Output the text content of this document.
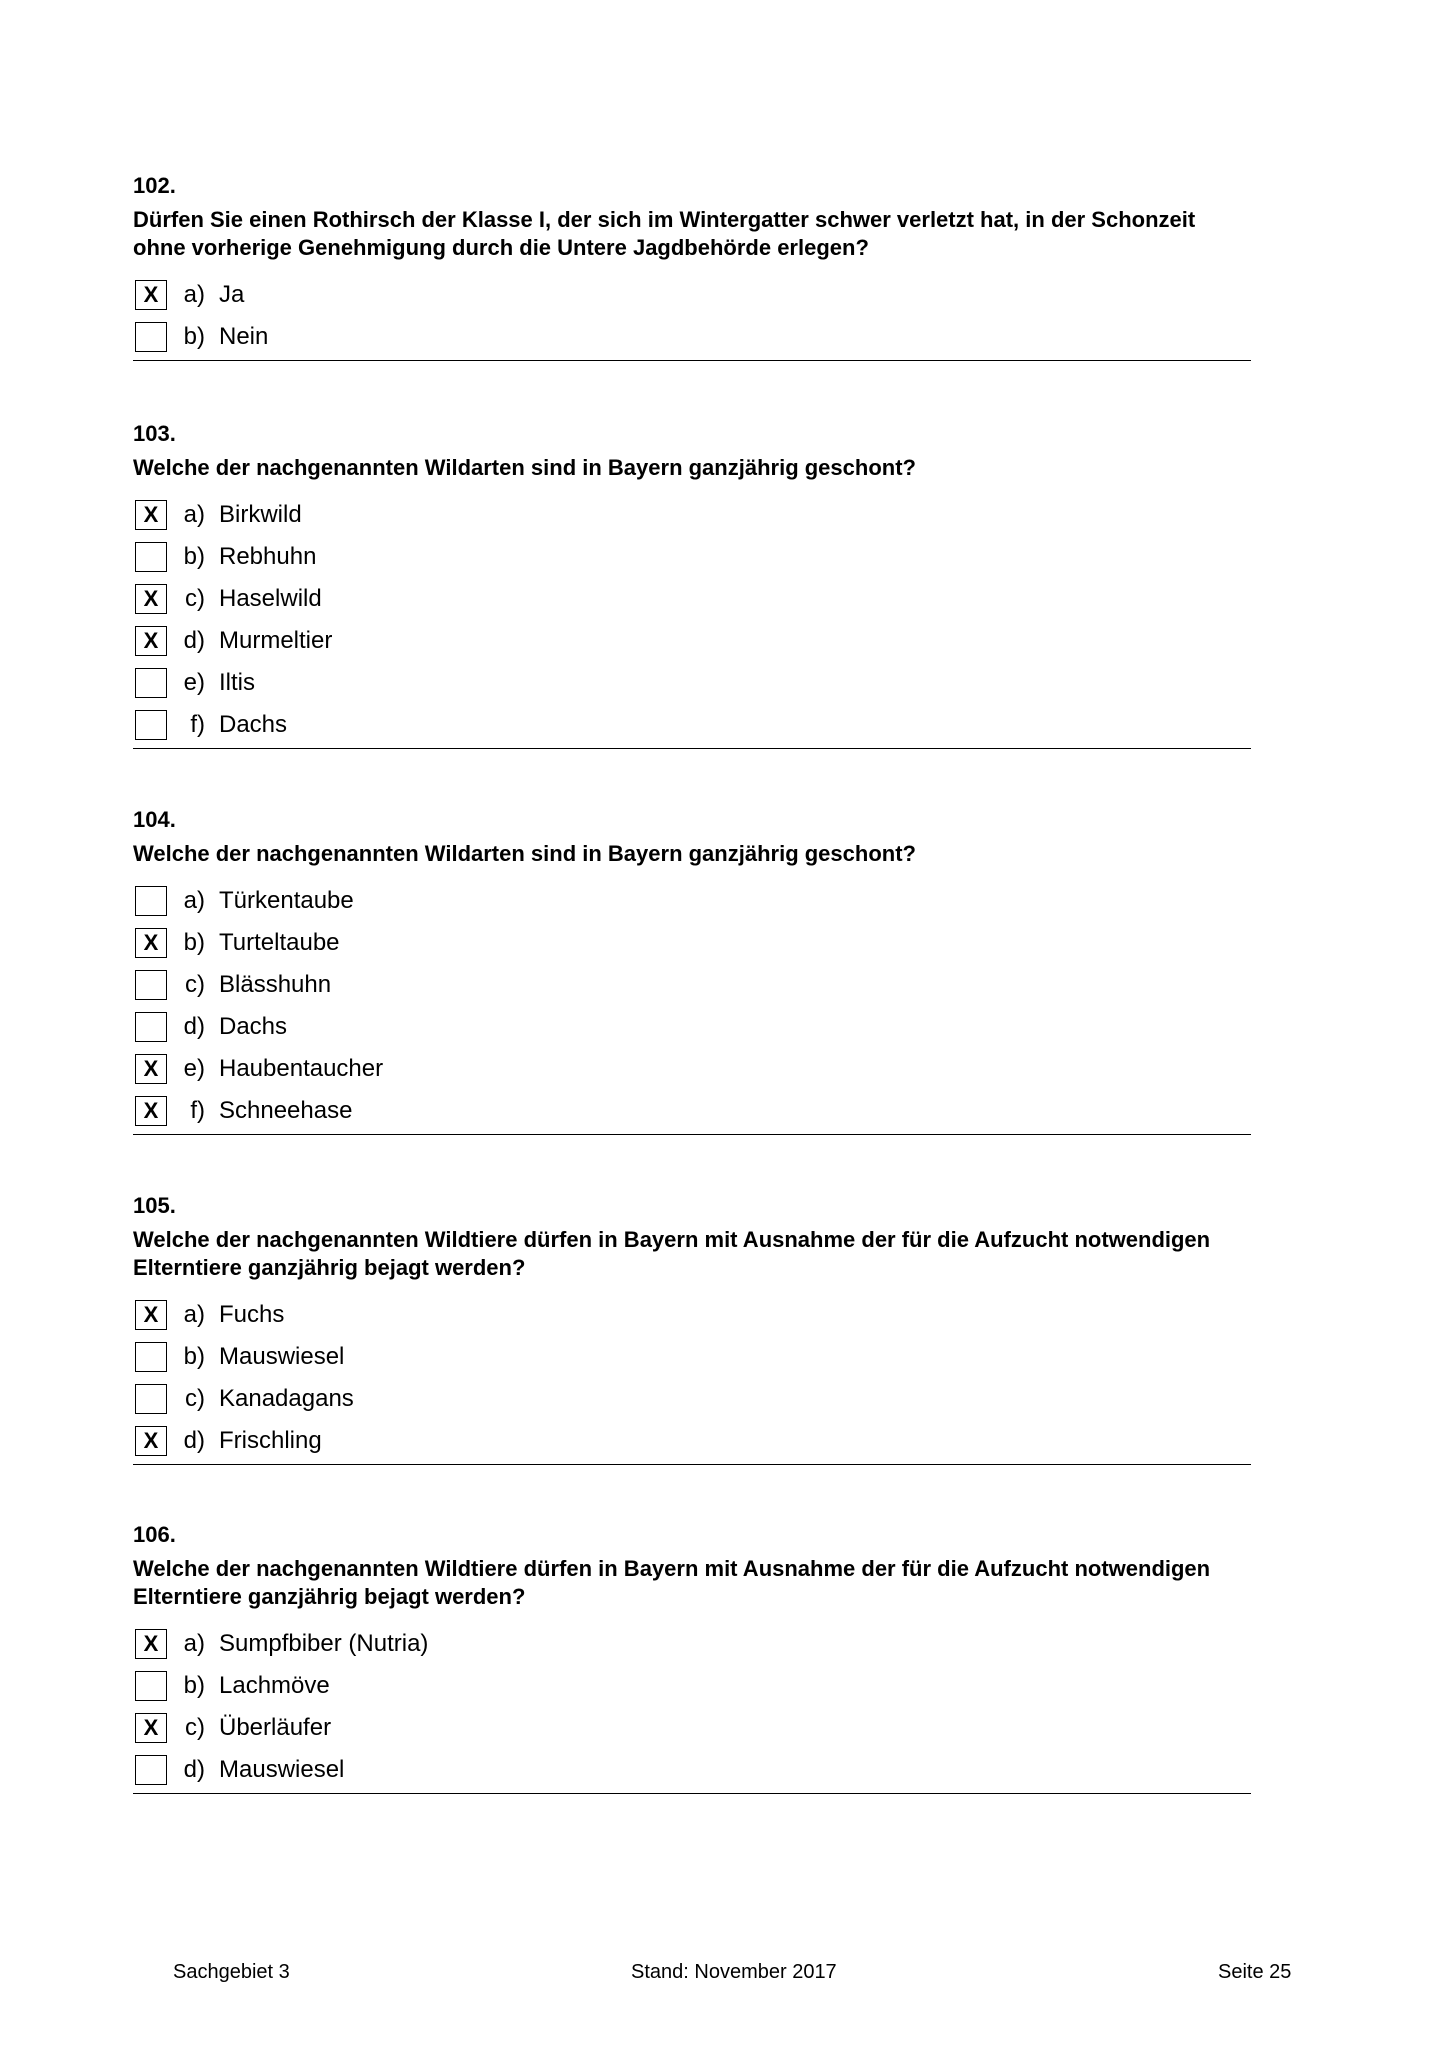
102.
Dürfen Sie einen Rothirsch der Klasse I, der sich im Wintergatter schwer verletzt hat, in der Schonzeit ohne vorherige Genehmigung durch die Untere Jagdbehörde erlegen?
X	a) Ja
b) Nein
103.
Welche der nachgenannten Wildarten sind in Bayern ganzjährig geschont?
X	a) Birkwild
b) Rebhuhn
X	c) Haselwild
X	d) Murmeltier
e) Iltis
f) Dachs
104.
Welche der nachgenannten Wildarten sind in Bayern ganzjährig geschont?
a) Türkentaube
X	b) Turteltaube
c) Blässhuhn
d) Dachs
X	e) Haubentaucher
X	f) Schneehase
105.
Welche der nachgenannten Wildtiere dürfen in Bayern mit Ausnahme der für die Aufzucht notwendigen Elterntiere ganzjährig bejagt werden?
X	a) Fuchs
b) Mauswiesel
c) Kanadagans
X	d) Frischling
106.
Welche der nachgenannten Wildtiere dürfen in Bayern mit Ausnahme der für die Aufzucht notwendigen Elterntiere ganzjährig bejagt werden?
X	a) Sumpfbiber (Nutria)
b) Lachmöve
X	c) Überläufer
d) Mauswiesel
Sachgebiet 3	Stand: November 2017	Seite 25
